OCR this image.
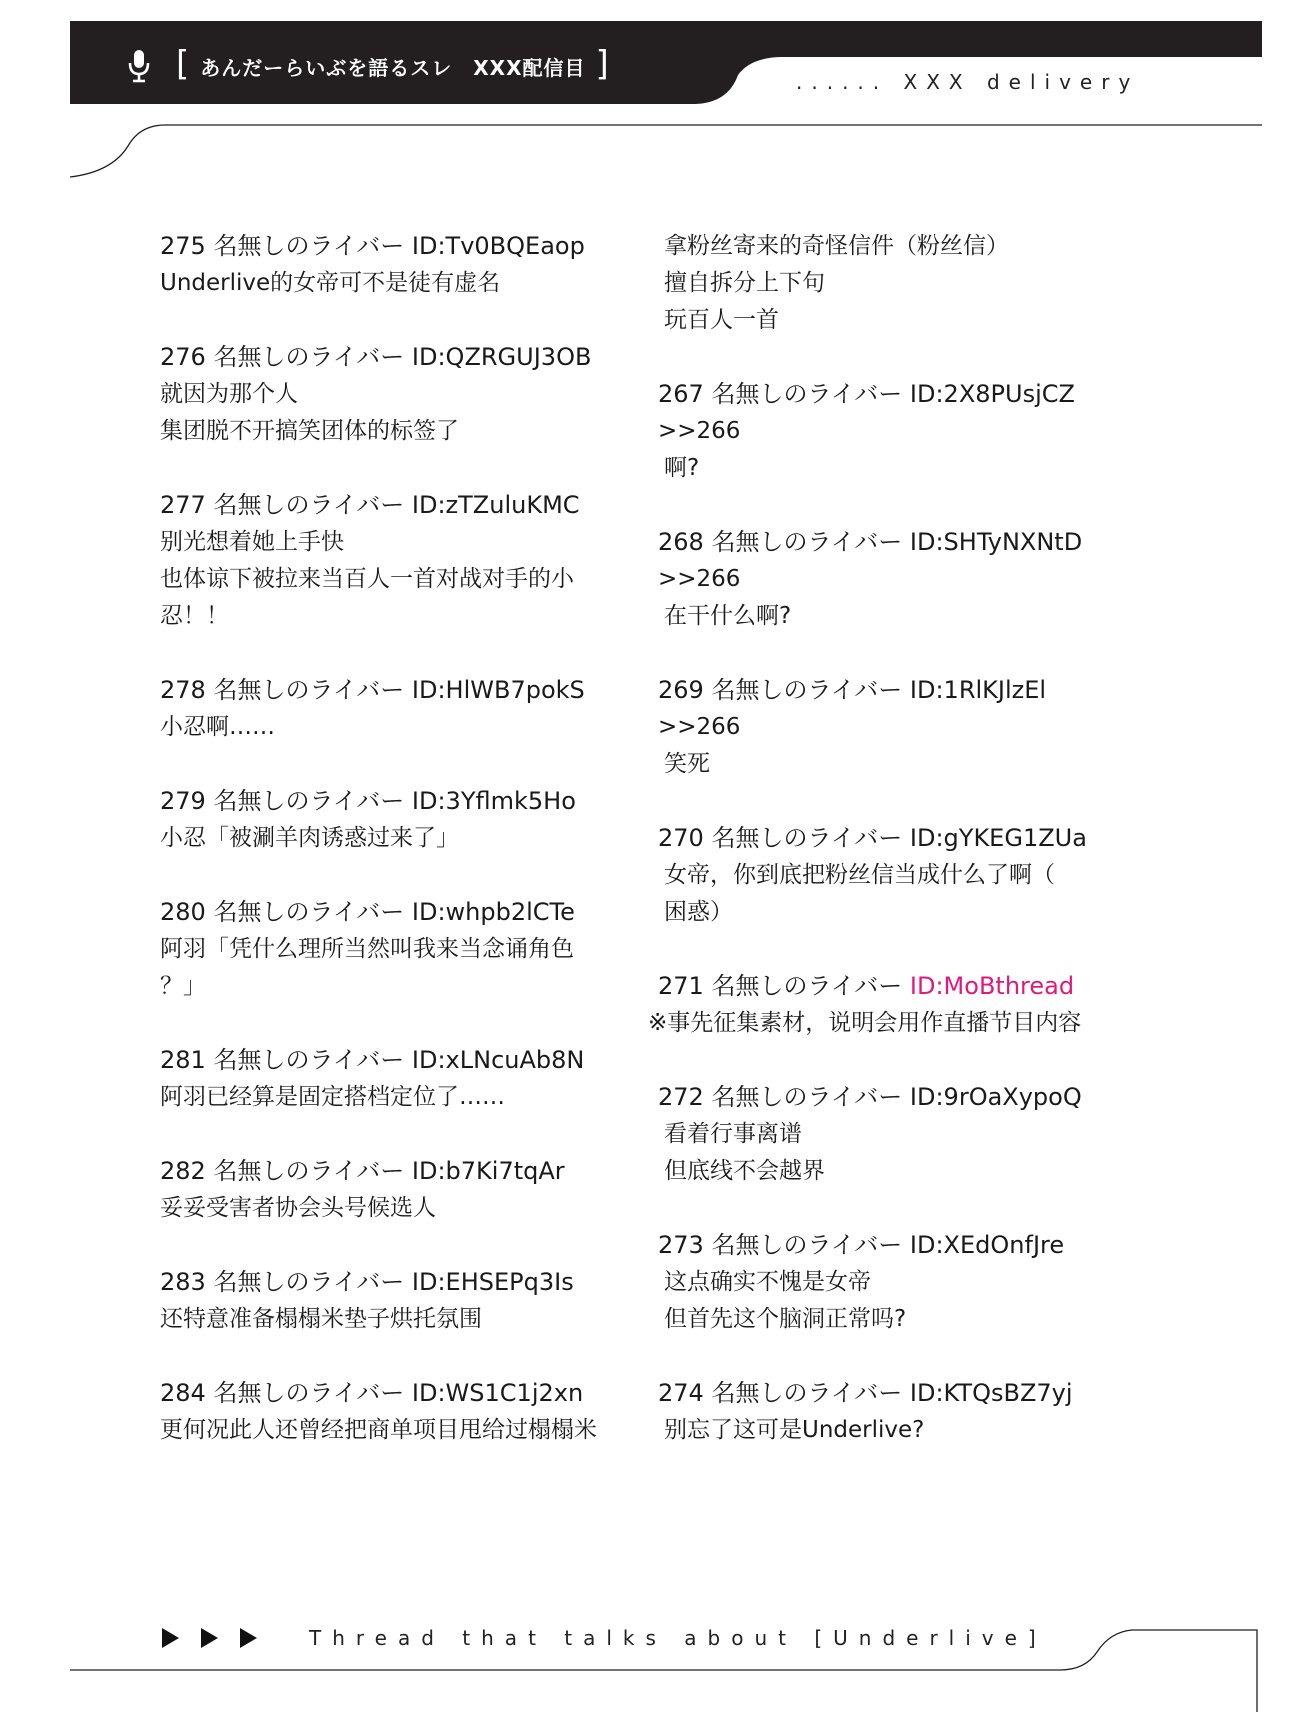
[ あんだーらいぶを語るスレ　XXX配信目 ]	...... XXX delivery
275 名無しのライバー ID:Tv0BQEaop
Underlive的女帝可不是徒有虚名
276 名無しのライバー ID:QZRGUJ3OB
就因为那个人
集团脱不开搞笑团体的标签了
277 名無しのライバー ID:zTZuluKMC
别光想着她上手快
也体谅下被拉来当百人一首对战对手的小
忍！！
278 名無しのライバー ID:HlWB7pokS
小忍啊……
279 名無しのライバー ID:3Yflmk5Ho
小忍「被涮羊肉诱惑过来了」
280 名無しのライバー ID:whpb2lCTe
阿羽「凭什么理所当然叫我来当念诵角色
？」
281 名無しのライバー ID:xLNcuAb8N
阿羽已经算是固定搭档定位了……
282 名無しのライバー ID:b7Ki7tqAr
妥妥受害者协会头号候选人
283 名無しのライバー ID:EHSEPq3Is
还特意准备榻榻米垫子烘托氛围
284 名無しのライバー ID:WS1C1j2xn
更何况此人还曾经把商单项目甩给过榻榻米
拿粉丝寄来的奇怪信件（粉丝信）
擅自拆分上下句
玩百人一首
267 名無しのライバー ID:2X8PUsjCZ
>>266
啊?
268 名無しのライバー ID:SHTyNXNtD
>>266
在干什么啊?
269 名無しのライバー ID:1RlKJlzEl
>>266
笑死
270 名無しのライバー ID:gYKEG1ZUa
女帝，你到底把粉丝信当成什么了啊（
困惑）
271 名無しのライバー ID:MoBthread
※事先征集素材，说明会用作直播节目内容
272 名無しのライバー ID:9rOaXypoQ
看着行事离谱
但底线不会越界
273 名無しのライバー ID:XEdOnfJre
这点确实不愧是女帝
但首先这个脑洞正常吗?
274 名無しのライバー ID:KTQsBZ7yj
别忘了这可是Underlive?
Thread that talks about [Underlive]
